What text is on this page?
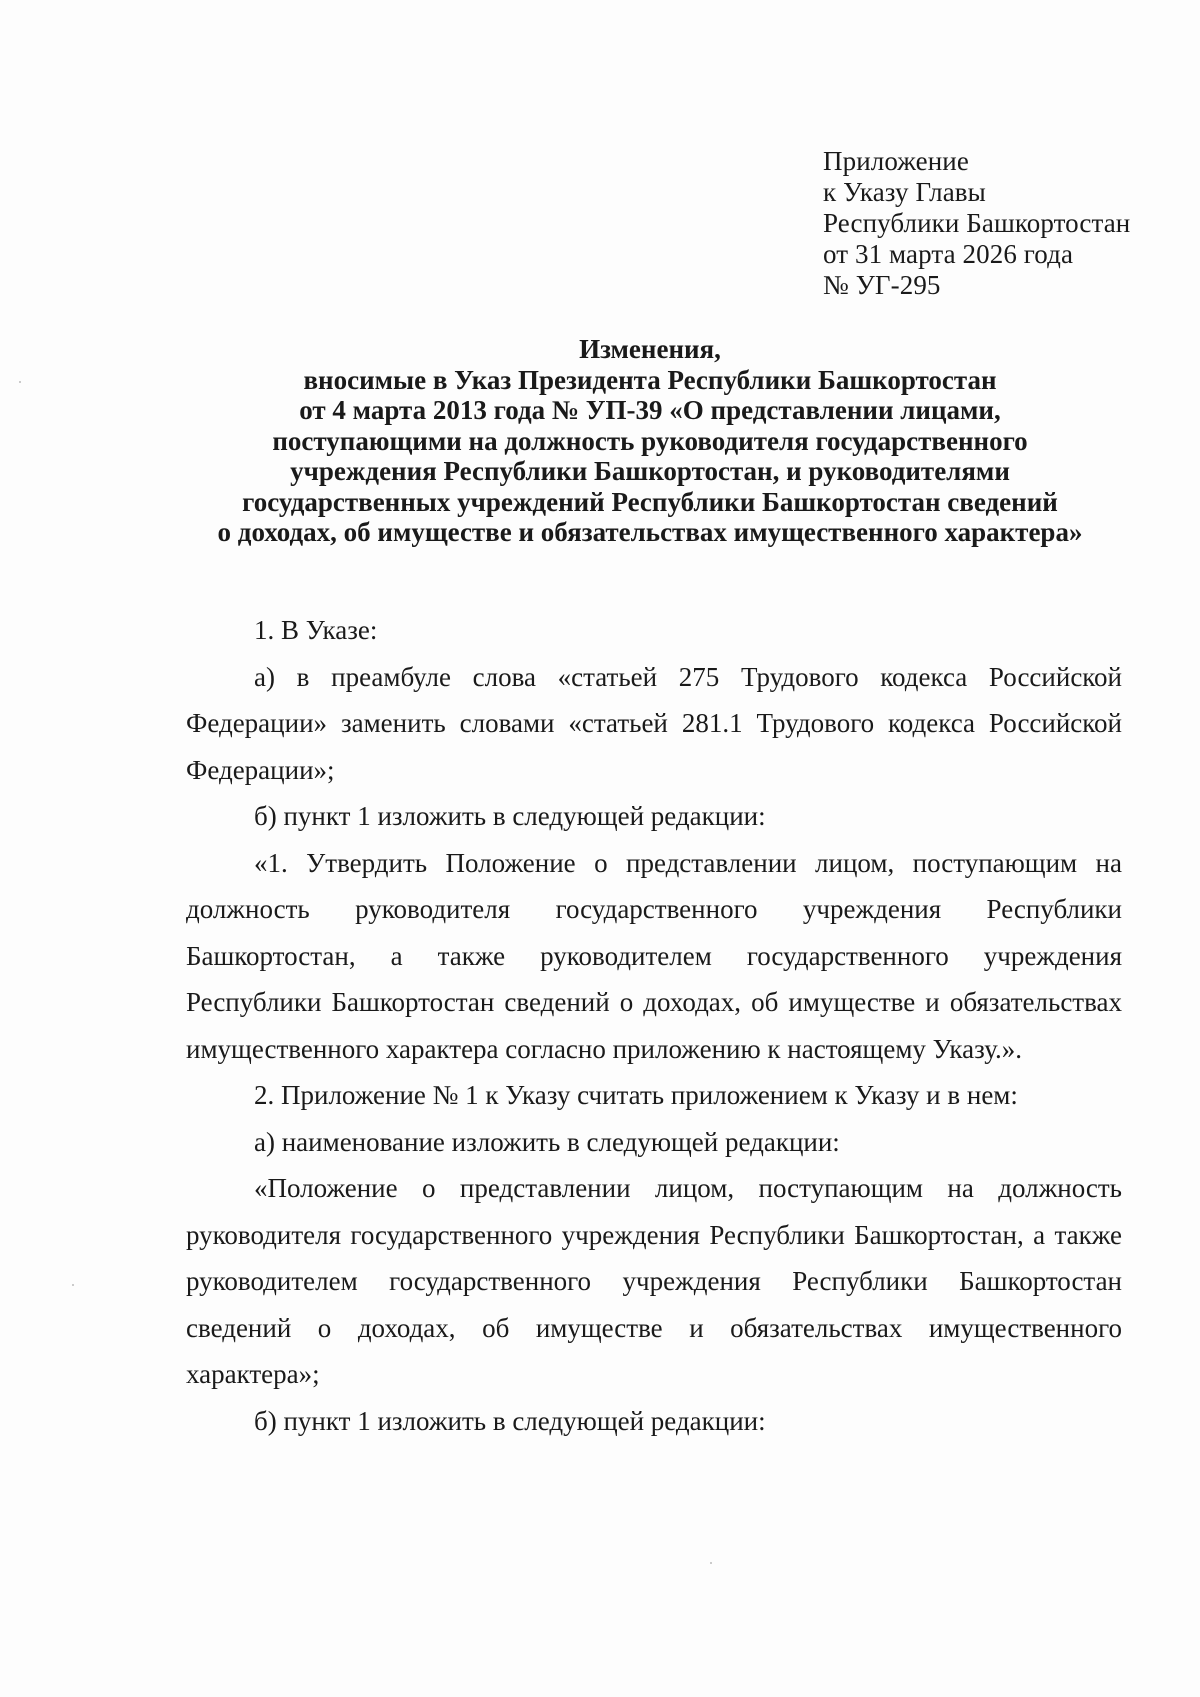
Приложение
к Указу Главы
Республики Башкортостан
от 31 марта 2026 года
№ УГ-295
Изменения,
вносимые в Указ Президента Республики Башкортостан
от 4 марта 2013 года № УП-39 «О представлении лицами,
поступающими на должность руководителя государственного
учреждения Республики Башкортостан, и руководителями
государственных учреждений Республики Башкортостан сведений
о доходах, об имуществе и обязательствах имущественного характера»

1. В Указе:

а) в преамбуле слова «статьей 275 Трудового кодекса Российской Федерации» заменить словами «статьей 281.1 Трудового кодекса Российской Федерации»;

б) пункт 1 изложить в следующей редакции:

«1. Утвердить Положение о представлении лицом, поступающим на должность руководителя государственного учреждения Республики Башкортостан, а также руководителем государственного учреждения Республики Башкортостан сведений о доходах, об имуществе и обязательствах имущественного характера согласно приложению к настоящему Указу.».

2. Приложение № 1 к Указу считать приложением к Указу и в нем:

а) наименование изложить в следующей редакции:

«Положение о представлении лицом, поступающим на должность руководителя государственного учреждения Республики Башкортостан, а также руководителем государственного учреждения Республики Башкортостан сведений о доходах, об имуществе и обязательствах имущественного характера»;

б) пункт 1 изложить в следующей редакции:
